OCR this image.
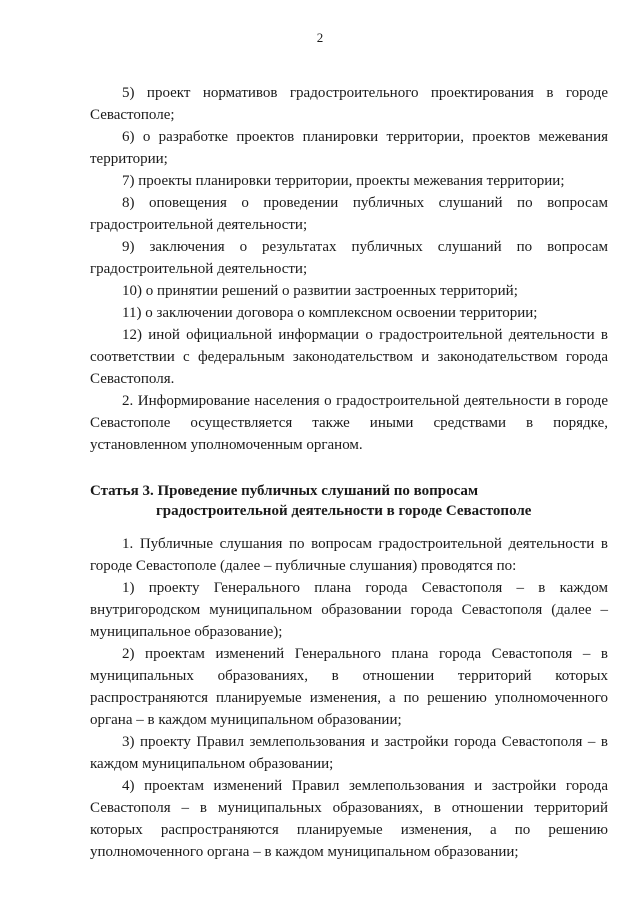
2

5) проект нормативов градостроительного проектирования в городе Севастополе;

6) о разработке проектов планировки территории, проектов межевания территории;

7) проекты планировки территории, проекты межевания территории;

8) оповещения о проведении публичных слушаний по вопросам градостроительной деятельности;

9) заключения о результатах публичных слушаний по вопросам градостроительной деятельности;

10) о принятии решений о развитии застроенных территорий;

11) о заключении договора о комплексном освоении территории;

12) иной официальной информации о градостроительной деятельности в соответствии с федеральным законодательством и законодательством города Севастополя.

2. Информирование населения о градостроительной деятельности в городе Севастополе осуществляется также иными средствами в порядке, установленном уполномоченным органом.

Статья 3. Проведение публичных слушаний по вопросам
градостроительной деятельности в городе Севастополе

1. Публичные слушания по вопросам градостроительной деятельности в городе Севастополе (далее – публичные слушания) проводятся по:

1) проекту Генерального плана города Севастополя – в каждом внутригородском муниципальном образовании города Севастополя (далее – муниципальное образование);

2) проектам изменений Генерального плана города Севастополя – в муниципальных образованиях, в отношении территорий которых распространяются планируемые изменения, а по решению уполномоченного органа – в каждом муниципальном образовании;

3) проекту Правил землепользования и застройки города Севастополя – в каждом муниципальном образовании;

4) проектам изменений Правил землепользования и застройки города Севастополя – в муниципальных образованиях, в отношении территорий которых распространяются планируемые изменения, а по решению уполномоченного органа – в каждом муниципальном образовании;
